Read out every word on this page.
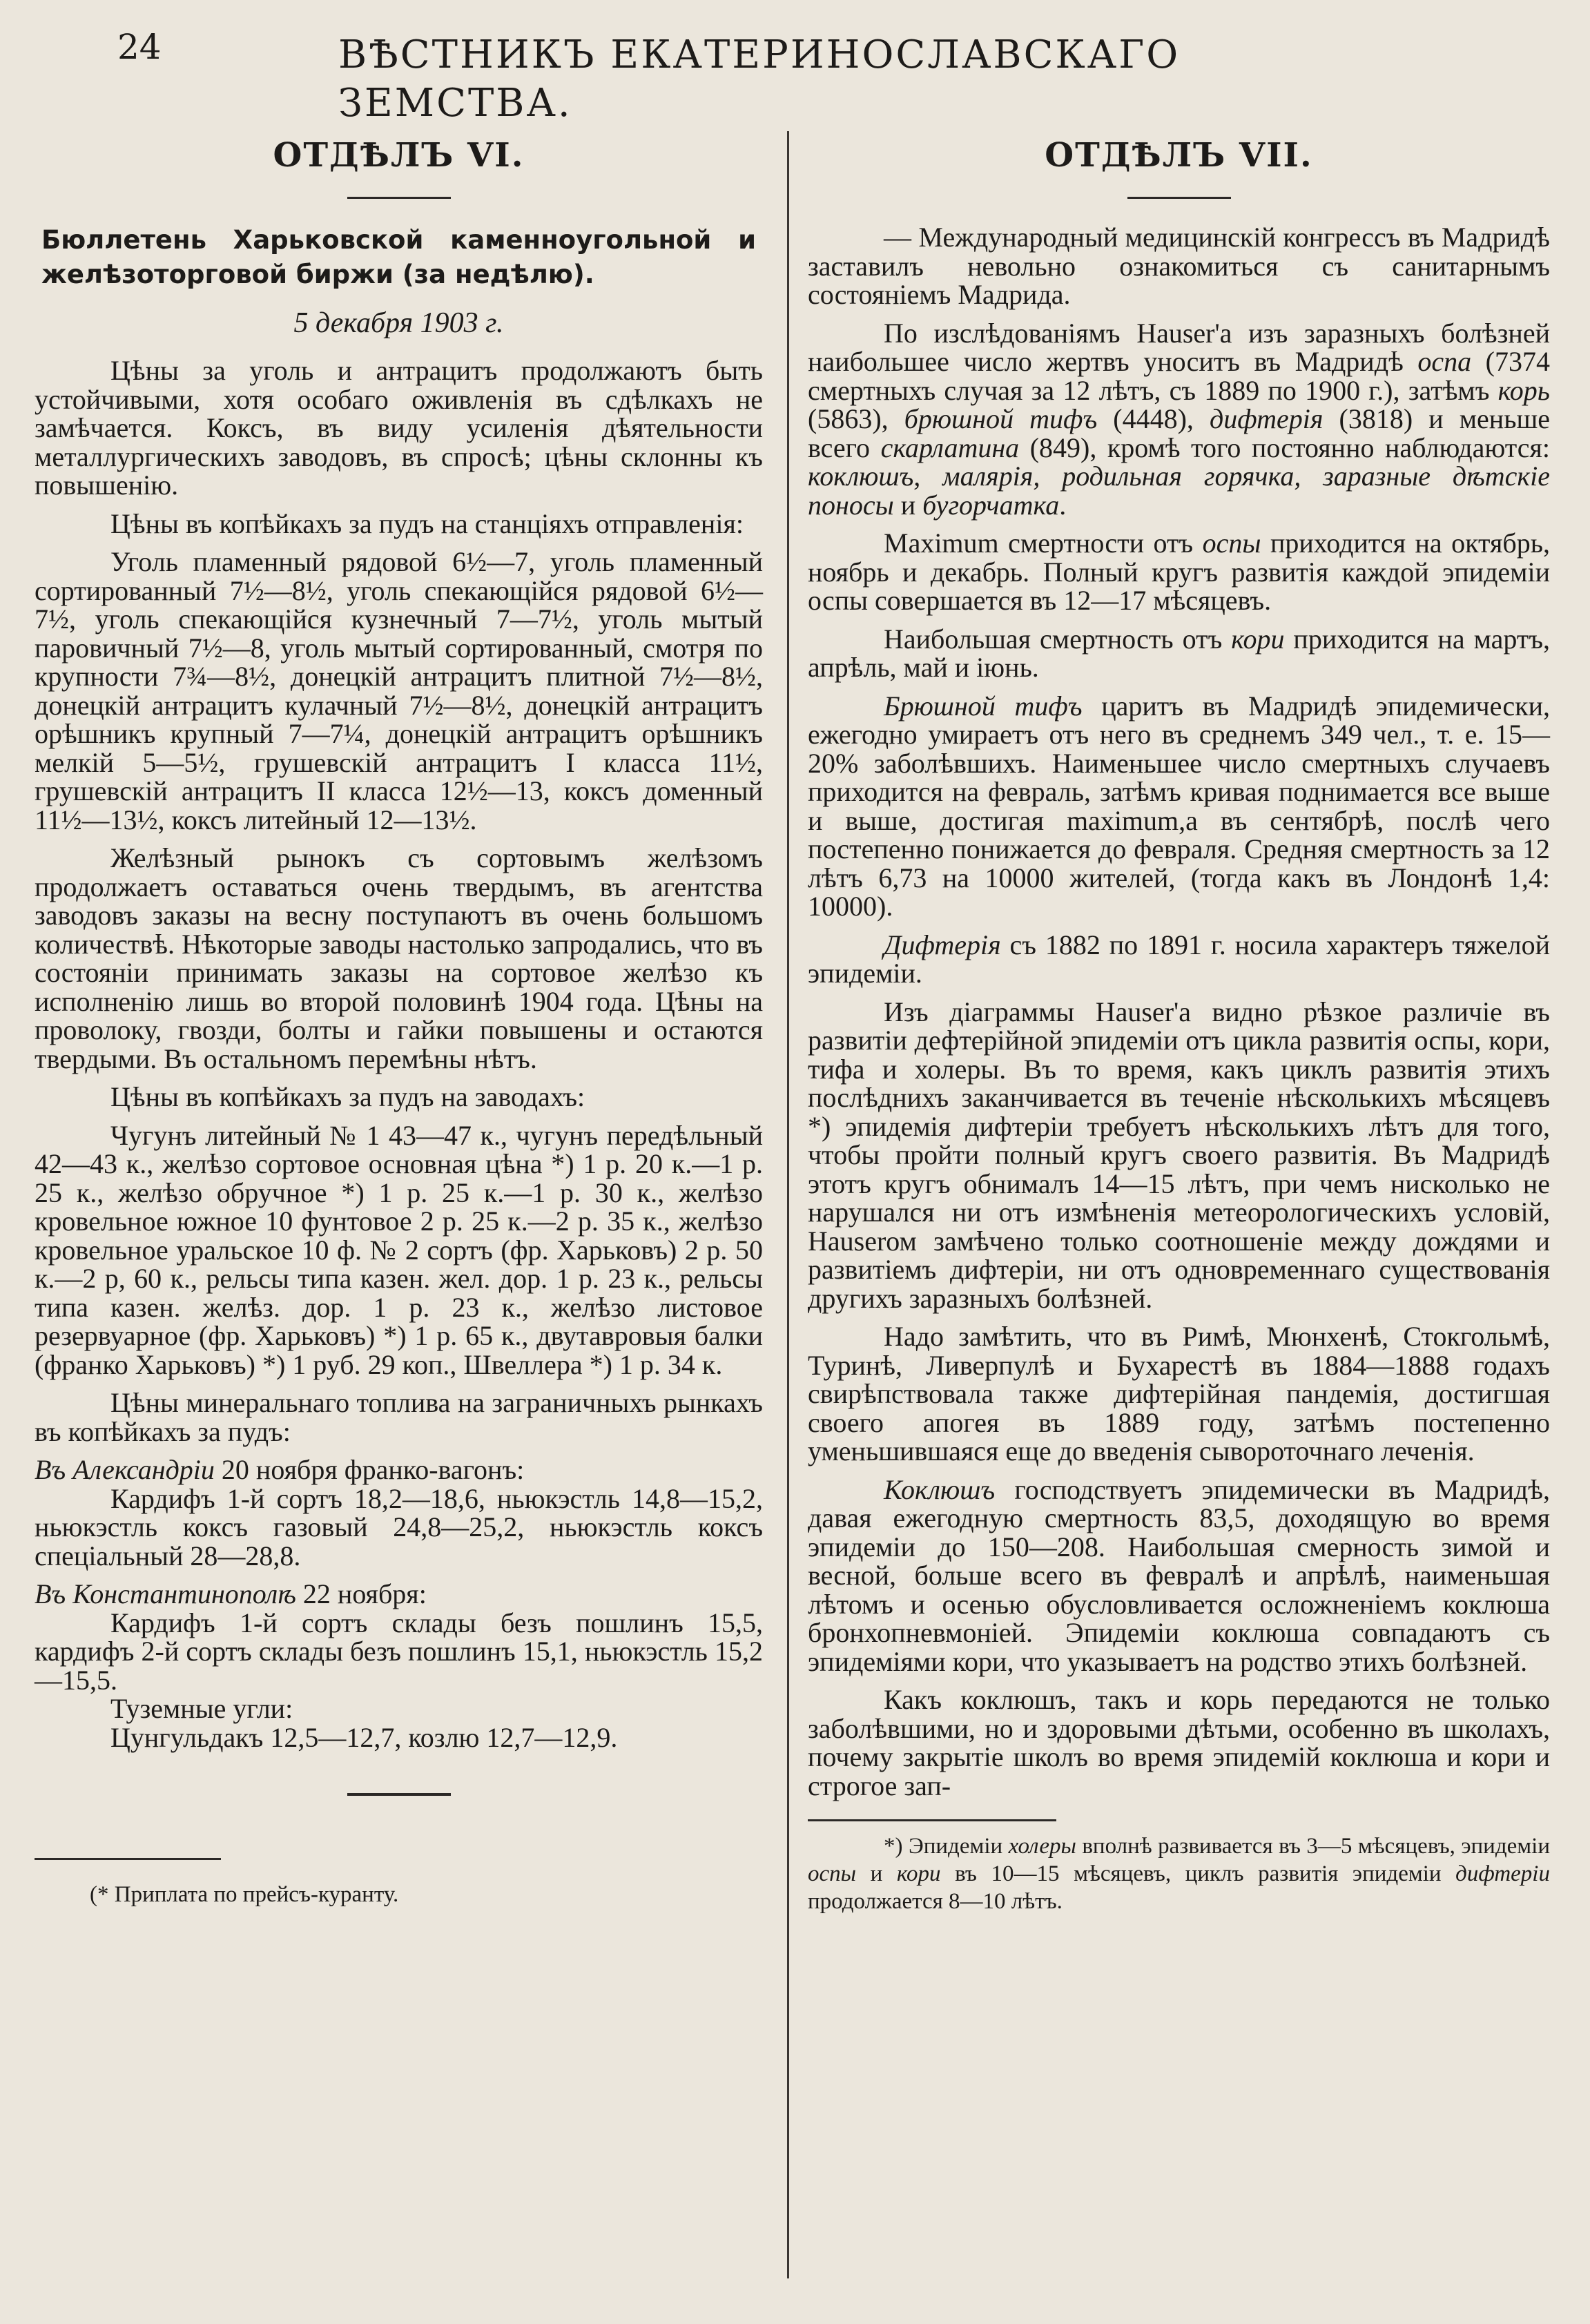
24	ВѢСТНИКЪ ЕКАТЕРИНОСЛАВСКАГО ЗЕМСТВА.
ОТДѢЛЪ VI.
Бюллетень Харьковской каменноугольной и желѣзоторговой биржи (за недѣлю).
5 декабря 1903 г.

Цѣны за уголь и антрацитъ продолжаютъ быть устойчивыми, хотя особаго оживленія въ сдѣлкахъ не замѣчается. Коксъ, въ виду усиленія дѣятельности металлургическихъ заводовъ, въ спросѣ; цѣны склонны къ повышенію.

Цѣны въ копѣйкахъ за пудъ на станціяхъ отправленія:

Уголь пламенный рядовой 6½—7, уголь пламенный сортированный 7½—8½, уголь спекающійся рядовой 6½—7½, уголь спекающійся кузнечный 7—7½, уголь мытый паровичный 7½—8, уголь мытый сортированный, смотря по крупности 7¾—8½, донецкій антрацитъ плитной 7½—8½, донецкій антрацитъ кулачный 7½—8½, донецкій антрацитъ орѣшникъ крупный 7—7¼, донецкій антрацитъ орѣшникъ мелкій 5—5½, грушевскій антрацитъ I класса 11½, грушевскій антрацитъ II класса 12½—13, коксъ доменный 11½—13½, коксъ литейный 12—13½.

Желѣзный рынокъ съ сортовымъ желѣзомъ продолжаетъ оставаться очень твердымъ, въ агентства заводовъ заказы на весну поступаютъ въ очень большомъ количествѣ. Нѣкоторые заводы настолько запродались, что въ состояніи принимать заказы на сортовое желѣзо къ исполненію лишь во второй половинѣ 1904 года. Цѣны на проволоку, гвозди, болты и гайки повышены и остаются твердыми. Въ остальномъ перемѣны нѣтъ.

Цѣны въ копѣйкахъ за пудъ на заводахъ:

Чугунъ литейный № 1 43—47 к., чугунъ передѣльный 42—43 к., желѣзо сортовое основная цѣна *) 1 р. 20 к.—1 р. 25 к., желѣзо обручное *) 1 р. 25 к.—1 р. 30 к., желѣзо кровельное южное 10 фунтовое 2 р. 25 к.—2 р. 35 к., желѣзо кровельное уральское 10 ф. № 2 сортъ (фр. Харьковъ) 2 р. 50 к.—2 р, 60 к., рельсы типа казен. жел. дор. 1 р. 23 к., рельсы типа казен. желѣз. дор. 1 р. 23 к., желѣзо листовое резервуарное (фр. Харьковъ) *) 1 р. 65 к., двутавровыя балки (франко Харьковъ) *) 1 руб. 29 коп., Швеллера *) 1 р. 34 к.

Цѣны минеральнаго топлива на заграничныхъ рынкахъ въ копѣйкахъ за пудъ:

Въ Александріи 20 ноября франко-вагонъ:

Кардифъ 1-й сортъ 18,2—18,6, ньюкэстль 14,8—15,2, ньюкэстль коксъ газовый 24,8—25,2, ньюкэстль коксъ спеціальный 28—28,8.

Въ Константинополѣ 22 ноября:

Кардифъ 1-й сортъ склады безъ пошлинъ 15,5, кардифъ 2-й сортъ склады безъ пошлинъ 15,1, ньюкэстль 15,2—15,5.

Туземные угли:

Цунгульдакъ 12,5—12,7, козлю 12,7—12,9.

(* Приплата по прейсъ-куранту.
ОТДѢЛЪ VII.

— Международный медицинскій конгрессъ въ Мадридѣ заставилъ невольно ознакомиться съ санитарнымъ состояніемъ Мадрида.

По изслѣдованіямъ Hauser'а изъ заразныхъ болѣзней наибольшее число жертвъ уноситъ въ Мадридѣ оспа (7374 смертныхъ случая за 12 лѣтъ, съ 1889 по 1900 г.), затѣмъ корь (5863), брюшной тифъ (4448), дифтерія (3818) и меньше всего скарлатина (849), кромѣ того постоянно наблюдаются: коклюшъ, малярія, родильная горячка, заразные дѣтскіе поносы и бугорчатка.

Maximum смертности отъ оспы приходится на октябрь, ноябрь и декабрь. Полный кругъ развитія каждой эпидеміи оспы совершается въ 12—17 мѣсяцевъ.

Наибольшая смертность отъ кори приходится на мартъ, апрѣль, май и іюнь.

Брюшной тифъ царитъ въ Мадридѣ эпидемически, ежегодно умираетъ отъ него въ среднемъ 349 чел., т. е. 15—20% заболѣвшихъ. Наименьшее число смертныхъ случаевъ приходится на февраль, затѣмъ кривая поднимается все выше и выше, достигая maximum,а въ сентябрѣ, послѣ чего постепенно понижается до февраля. Средняя смертность за 12 лѣтъ 6,73 на 10000 жителей, (тогда какъ въ Лондонѣ 1,4: 10000).

Дифтерія съ 1882 по 1891 г. носила характеръ тяжелой эпидеміи.

Изъ діаграммы Hauser'а видно рѣзкое различіе въ развитіи дефтерійной эпидеміи отъ цикла развитія оспы, кори, тифа и холеры. Въ то время, какъ циклъ развитія этихъ послѣднихъ заканчивается въ теченіе нѣсколькихъ мѣсяцевъ *) эпидемія дифтеріи требуетъ нѣсколькихъ лѣтъ для того, чтобы пройти полный кругъ своего развитія. Въ Мадридѣ этотъ кругъ обнималъ 14—15 лѣтъ, при чемъ нисколько не нарушался ни отъ измѣненія метеорологическихъ условій, Hauserом замѣчено только соотношеніе между дождями и развитіемъ дифтеріи, ни отъ одновременнаго существованія другихъ заразныхъ болѣзней.

Надо замѣтить, что въ Римѣ, Мюнхенѣ, Стокгольмѣ, Туринѣ, Ливерпулѣ и Бухарестѣ въ 1884—1888 годахъ свирѣпствовала также дифтерійная пандемія, достигшая своего апогея въ 1889 году, затѣмъ постепенно уменьшившаяся еще до введенія сывороточнаго леченія.

Коклюшъ господствуетъ эпидемически въ Мадридѣ, давая ежегодную смертность 83,5, доходящую во время эпидеміи до 150—208. Наибольшая смерность зимой и весной, больше всего въ февралѣ и апрѣлѣ, наименьшая лѣтомъ и осенью обусловливается осложненіемъ коклюша бронхопневмоніей. Эпидеміи коклюша совпадаютъ съ эпидеміями кори, что указываетъ на родство этихъ болѣзней.

Какъ коклюшъ, такъ и корь передаются не только заболѣвшими, но и здоровыми дѣтьми, особенно въ школахъ, почему закрытіе школъ во время эпидемій коклюша и кори и строгое зап-

*) Эпидеміи холеры вполнѣ развивается въ 3—5 мѣсяцевъ, эпидеміи оспы и кори въ 10—15 мѣсяцевъ, циклъ развитія эпидеміи дифтеріи продолжается 8—10 лѣтъ.
